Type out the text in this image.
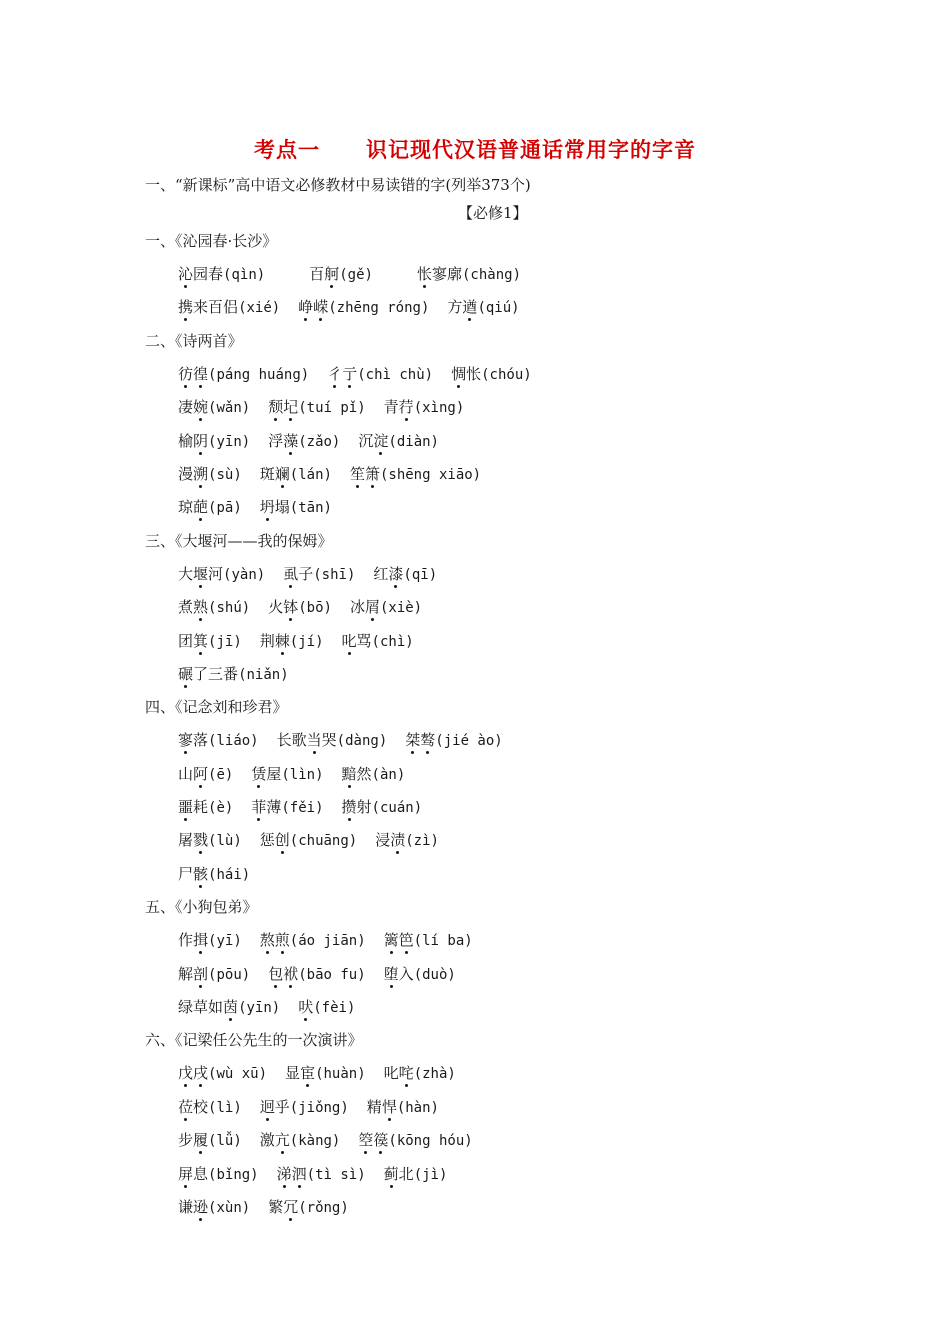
考点一 识记现代汉语普通话常用字的字音
一、“新课标”高中语文必修教材中易读错的字(列举373个)
【必修1】
一、《沁园春·长沙》
沁园春(qìn)	百舸(gě)	怅寥廓(chàng)
携来百侣(xié) 峥嵘(zhēng róng) 方遒(qiú)
二、《诗两首》
彷徨(páng huáng) 彳亍(chì chù) 惆怅(chóu)
凄婉(wǎn) 颓圮(tuí pǐ) 青荇(xìng)
榆阴(yīn) 浮藻(zǎo) 沉淀(diàn)
漫溯(sù) 斑斓(lán) 笙箫(shēng xiāo)
琼葩(pā) 坍塌(tān)
三、《大堰河——我的保姆》
大堰河(yàn) 虱子(shī) 红漆(qī)
煮熟(shú) 火钵(bō) 冰屑(xiè)
团箕(jī) 荆棘(jí) 叱骂(chì)
碾了三番(niǎn)
四、《记念刘和珍君》
寥落(liáo) 长歌当哭(dàng) 桀骜(jié ào)
山阿(ē) 赁屋(lìn) 黯然(àn)
噩耗(è) 菲薄(fěi) 攒射(cuán)
屠戮(lù) 惩创(chuāng) 浸渍(zì)
尸骸(hái)
五、《小狗包弟》
作揖(yī) 熬煎(áo jiān) 篱笆(lí ba)
解剖(pōu) 包袱(bāo fu) 堕入(duò)
绿草如茵(yīn) 吠(fèi)
六、《记梁任公先生的一次演讲》
戊戌(wù xū) 显宦(huàn) 叱咤(zhà)
莅校(lì) 迥乎(jiǒng) 精悍(hàn)
步履(lǚ) 激亢(kàng) 箜篌(kōng hóu)
屏息(bǐng) 涕泗(tì sì) 蓟北(jì)
谦逊(xùn) 繁冗(rǒng)
